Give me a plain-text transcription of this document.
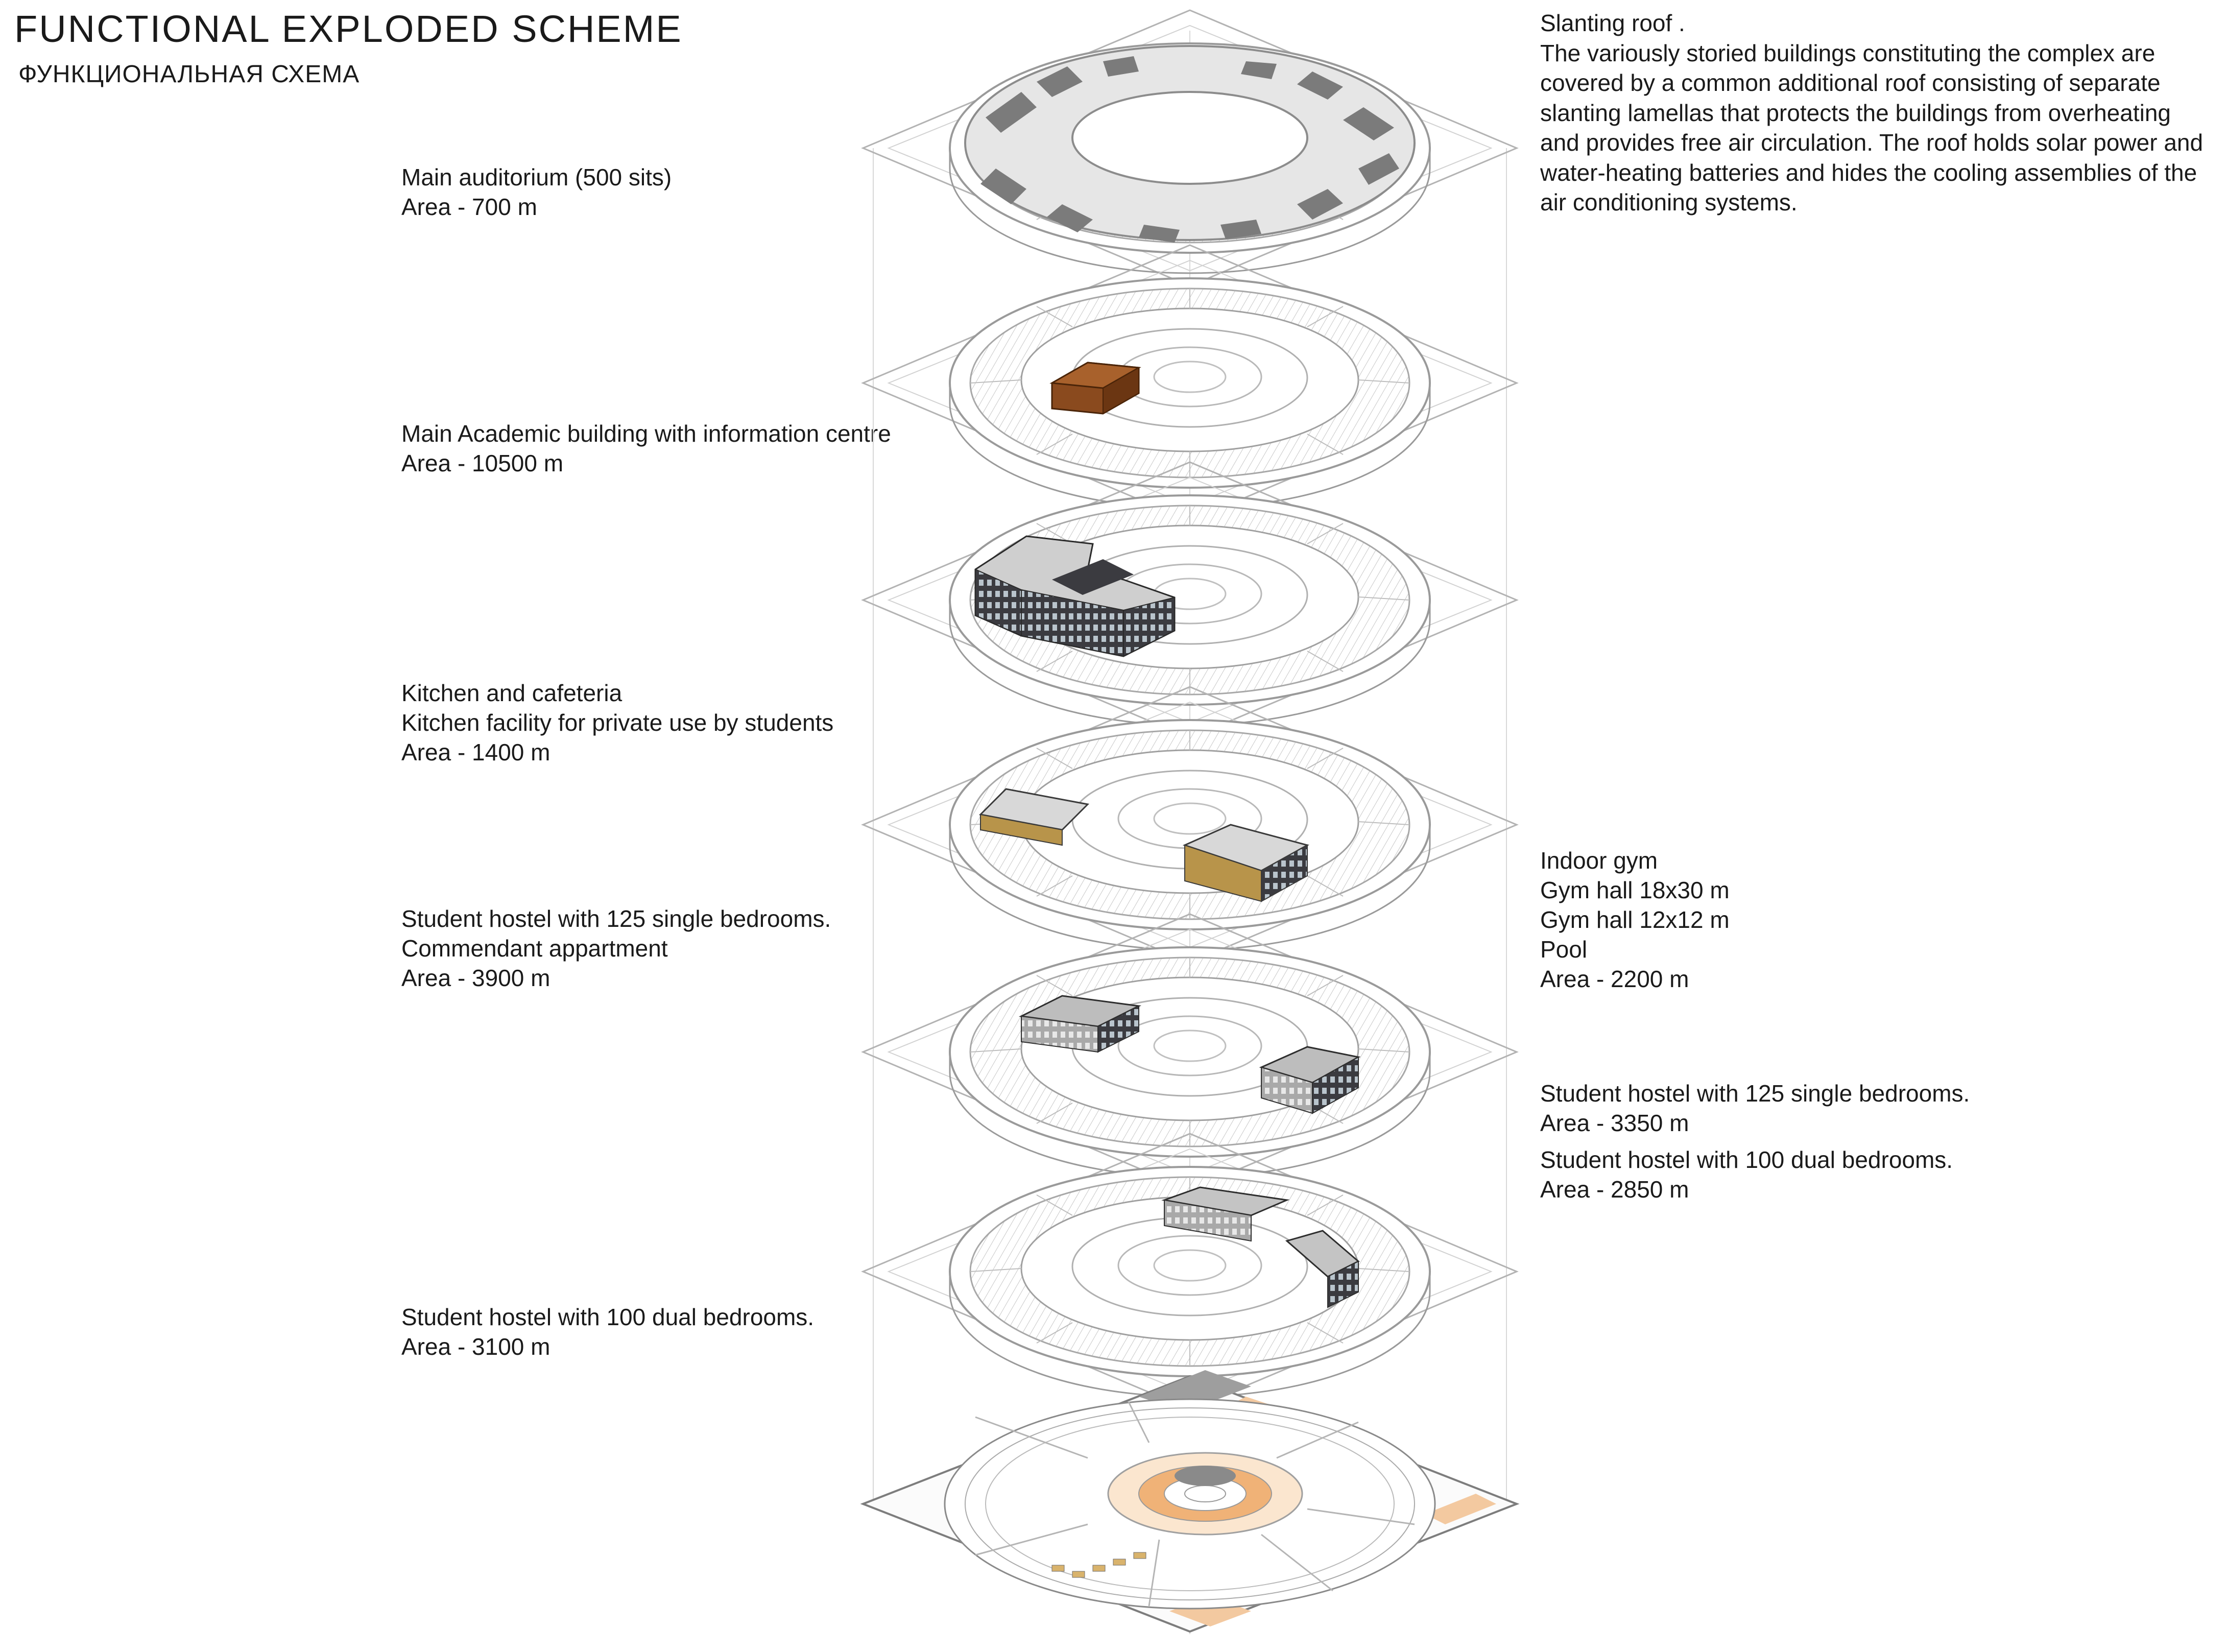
FUNCTIONAL EXPLODED SCHEME
ФУНКЦИОНАЛЬНАЯ СХЕМА
Slanting roof .
The variously storied buildings constituting the complex are covered by a common additional roof consisting of separate slanting lamellas that protects the buildings from overheating and provides free air circulation. The roof holds solar power and water-heating batteries and hides the cooling assemblies of the air conditioning systems.
Main auditorium (500 sits)
Area - 700 m
Main Academic building with information centre
Area - 10500 m
Kitchen and cafeteria
Kitchen facility for private use by students
Area - 1400 m
Student hostel with 125 single bedrooms.
Commendant appartment
Area - 3900 m
Student hostel with 100 dual bedrooms.
Area - 3100 m
Indoor gym
Gym hall 18x30 m
Gym hall 12x12 m
Pool
Area - 2200 m
Student hostel with 125 single bedrooms.
Area - 3350 m
Student hostel with 100 dual bedrooms.
Area - 2850 m
